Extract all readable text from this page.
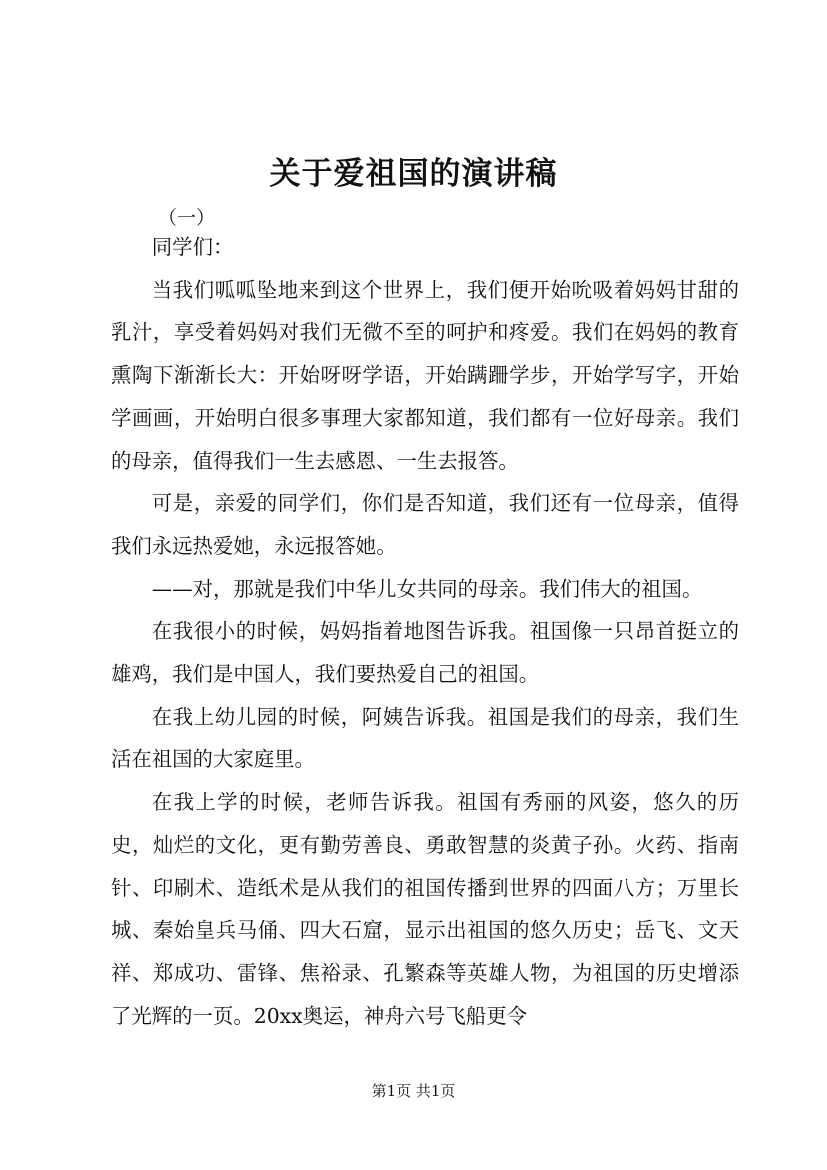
关于爱祖国的演讲稿
（一）

同学们：

当我们呱呱坠地来到这个世界上，我们便开始吮吸着妈妈甘甜的乳汁，享受着妈妈对我们无微不至的呵护和疼爱。我们在妈妈的教育熏陶下渐渐长大：开始呀呀学语，开始蹒跚学步，开始学写字，开始学画画，开始明白很多事理大家都知道，我们都有一位好母亲。我们的母亲，值得我们一生去感恩、一生去报答。

可是，亲爱的同学们，你们是否知道，我们还有一位母亲，值得我们永远热爱她，永远报答她。

——对，那就是我们中华儿女共同的母亲。我们伟大的祖国。

在我很小的时候，妈妈指着地图告诉我。祖国像一只昂首挺立的雄鸡，我们是中国人，我们要热爱自己的祖国。

在我上幼儿园的时候，阿姨告诉我。祖国是我们的母亲，我们生活在祖国的大家庭里。

在我上学的时候，老师告诉我。祖国有秀丽的风姿，悠久的历史，灿烂的文化，更有勤劳善良、勇敢智慧的炎黄子孙。火药、指南针、印刷术、造纸术是从我们的祖国传播到世界的四面八方；万里长城、秦始皇兵马俑、四大石窟，显示出祖国的悠久历史；岳飞、文天祥、郑成功、雷锋、焦裕录、孔繁森等英雄人物，为祖国的历史增添了光辉的一页。20xx奥运，神舟六号飞船更令

第1页 共1页
